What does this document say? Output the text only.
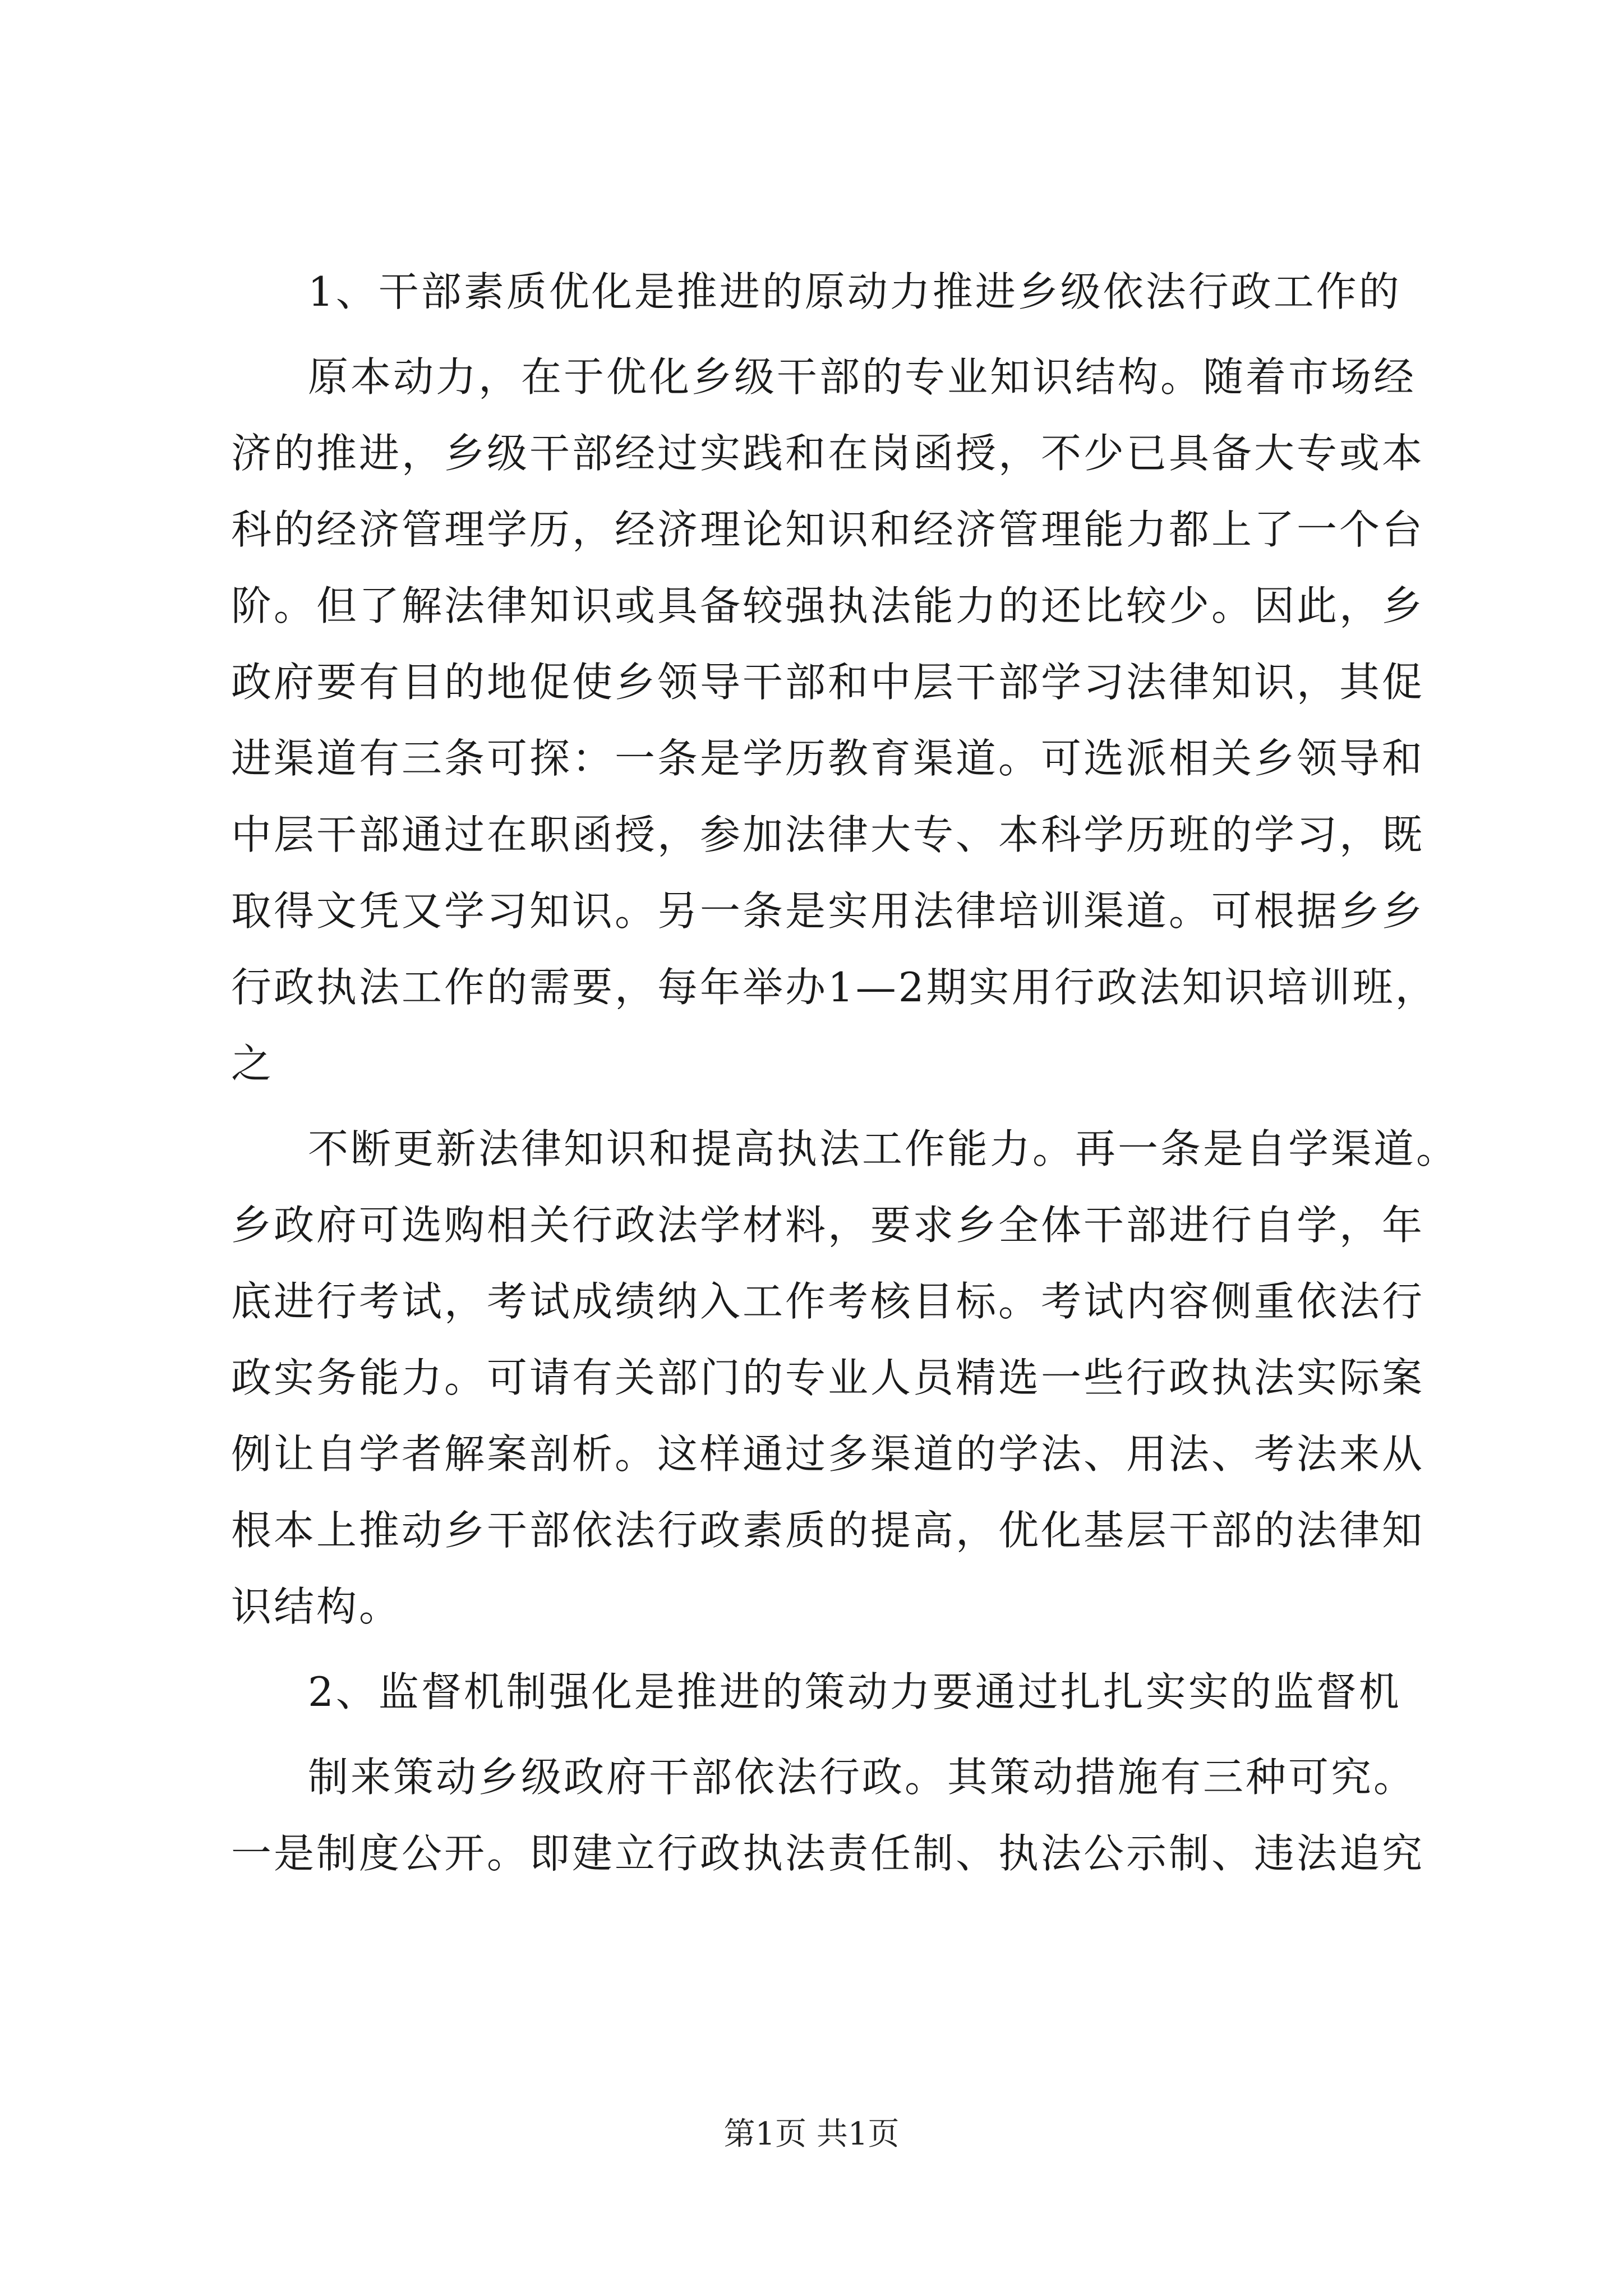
1、干部素质优化是推进的原动力推进乡级依法行政工作的
原本动力，在于优化乡级干部的专业知识结构。随着市场经
济的推进，乡级干部经过实践和在岗函授，不少已具备大专或本
科的经济管理学历，经济理论知识和经济管理能力都上了一个台
阶。但了解法律知识或具备较强执法能力的还比较少。因此，乡
政府要有目的地促使乡领导干部和中层干部学习法律知识，其促
进渠道有三条可探：一条是学历教育渠道。可选派相关乡领导和
中层干部通过在职函授，参加法律大专、本科学历班的学习，既
取得文凭又学习知识。另一条是实用法律培训渠道。可根据乡乡
行政执法工作的需要，每年举办1—2期实用行政法知识培训班，
之
不断更新法律知识和提高执法工作能力。再一条是自学渠道。
乡政府可选购相关行政法学材料，要求乡全体干部进行自学，年
底进行考试，考试成绩纳入工作考核目标。考试内容侧重依法行
政实务能力。可请有关部门的专业人员精选一些行政执法实际案
例让自学者解案剖析。这样通过多渠道的学法、用法、考法来从
根本上推动乡干部依法行政素质的提高，优化基层干部的法律知
识结构。
2、监督机制强化是推进的策动力要通过扎扎实实的监督机
制来策动乡级政府干部依法行政。其策动措施有三种可究。
一是制度公开。即建立行政执法责任制、执法公示制、违法追究
第1页 共1页
